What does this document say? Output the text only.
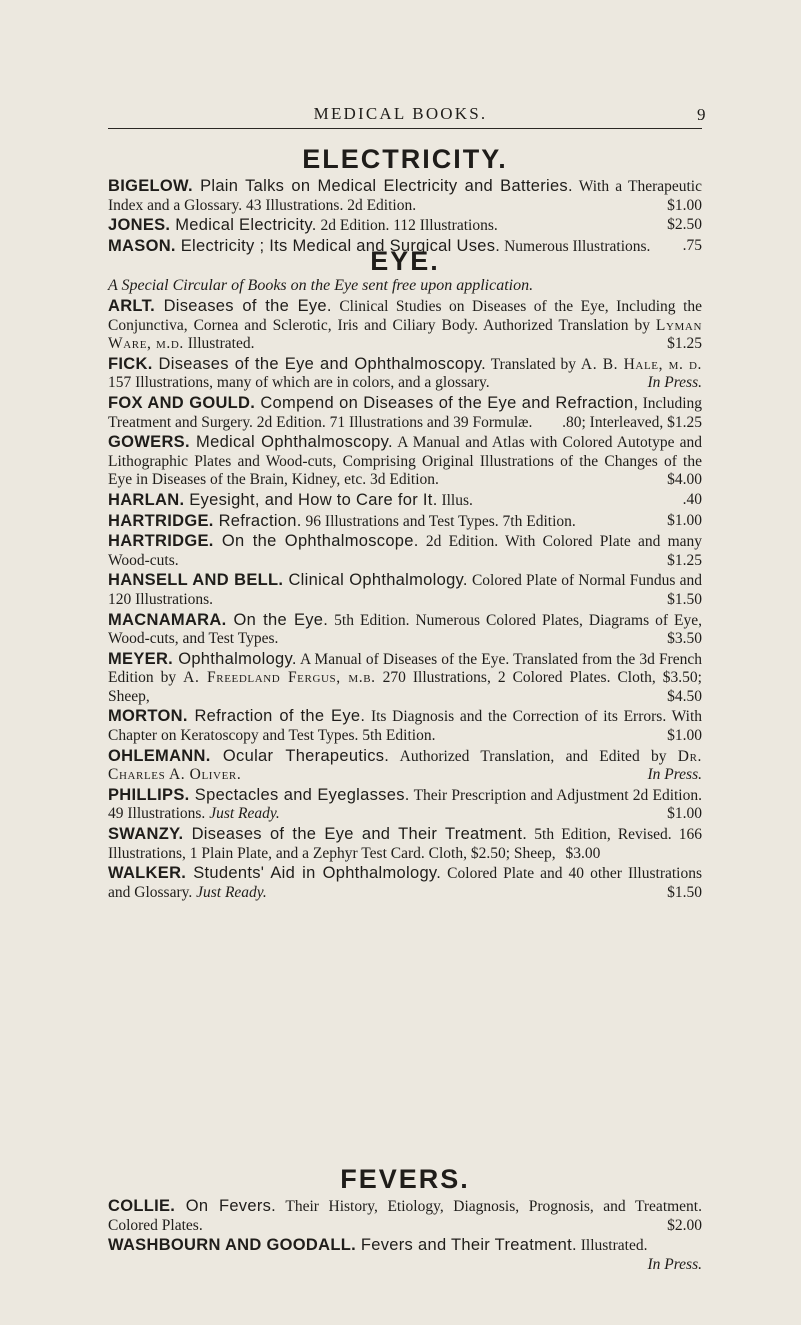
MEDICAL BOOKS.	9
ELECTRICITY.
BIGELOW. Plain Talks on Medical Electricity and Batteries. With a Therapeutic Index and a Glossary. 43 Illustrations. 2d Edition.	$1.00
JONES. Medical Electricity. 2d Edition. 112 Illustrations.	$2.50
MASON. Electricity ; Its Medical and Surgical Uses. Numerous Illustrations.	.75
EYE.

A Special Circular of Books on the Eye sent free upon application.

ARLT. Diseases of the Eye. Clinical Studies on Diseases of the Eye, Including the Conjunctiva, Cornea and Sclerotic, Iris and Ciliary Body. Authorized Translation by Lyman Ware, m.d. Illustrated.	$1.25
FICK. Diseases of the Eye and Ophthalmoscopy. Translated by A. B. Hale, m. d. 157 Illustrations, many of which are in colors, and a glossary.	In Press.
FOX AND GOULD. Compend on Diseases of the Eye and Refraction, Including Treatment and Surgery. 2d Edition. 71 Illustrations and 39 Formulæ.	.80; Interleaved, $1.25
GOWERS. Medical Ophthalmoscopy. A Manual and Atlas with Colored Autotype and Lithographic Plates and Wood-cuts, Comprising Original Illustrations of the Changes of the Eye in Diseases of the Brain, Kidney, etc. 3d Edition.	$4.00
HARLAN. Eyesight, and How to Care for It. Illus.	.40
HARTRIDGE. Refraction. 96 Illustrations and Test Types. 7th Edition.	$1.00
HARTRIDGE. On the Ophthalmoscope. 2d Edition. With Colored Plate and many Wood-cuts.	$1.25
HANSELL AND BELL. Clinical Ophthalmology. Colored Plate of Normal Fundus and 120 Illustrations.	$1.50
MACNAMARA. On the Eye. 5th Edition. Numerous Colored Plates, Diagrams of Eye, Wood-cuts, and Test Types.	$3.50
MEYER. Ophthalmology. A Manual of Diseases of the Eye. Translated from the 3d French Edition by A. Freedland Fergus, m.b. 270 Illustrations, 2 Colored Plates. Cloth, $3.50; Sheep,	$4.50
MORTON. Refraction of the Eye. Its Diagnosis and the Correction of its Errors. With Chapter on Keratoscopy and Test Types. 5th Edition.	$1.00
OHLEMANN. Ocular Therapeutics. Authorized Translation, and Edited by Dr. Charles A. Oliver.	In Press.
PHILLIPS. Spectacles and Eyeglasses. Their Prescription and Adjustment 2d Edition. 49 Illustrations. Just Ready.	$1.00
SWANZY. Diseases of the Eye and Their Treatment. 5th Edition, Revised. 166 Illustrations, 1 Plain Plate, and a Zephyr Test Card. Cloth, $2.50; Sheep, $3.00
WALKER. Students' Aid in Ophthalmology. Colored Plate and 40 other Illustrations and Glossary. Just Ready.	$1.50
FEVERS.
COLLIE. On Fevers. Their History, Etiology, Diagnosis, Prognosis, and Treatment. Colored Plates.	$2.00
WASHBOURN AND GOODALL. Fevers and Their Treatment. Illustrated.
In Press.
